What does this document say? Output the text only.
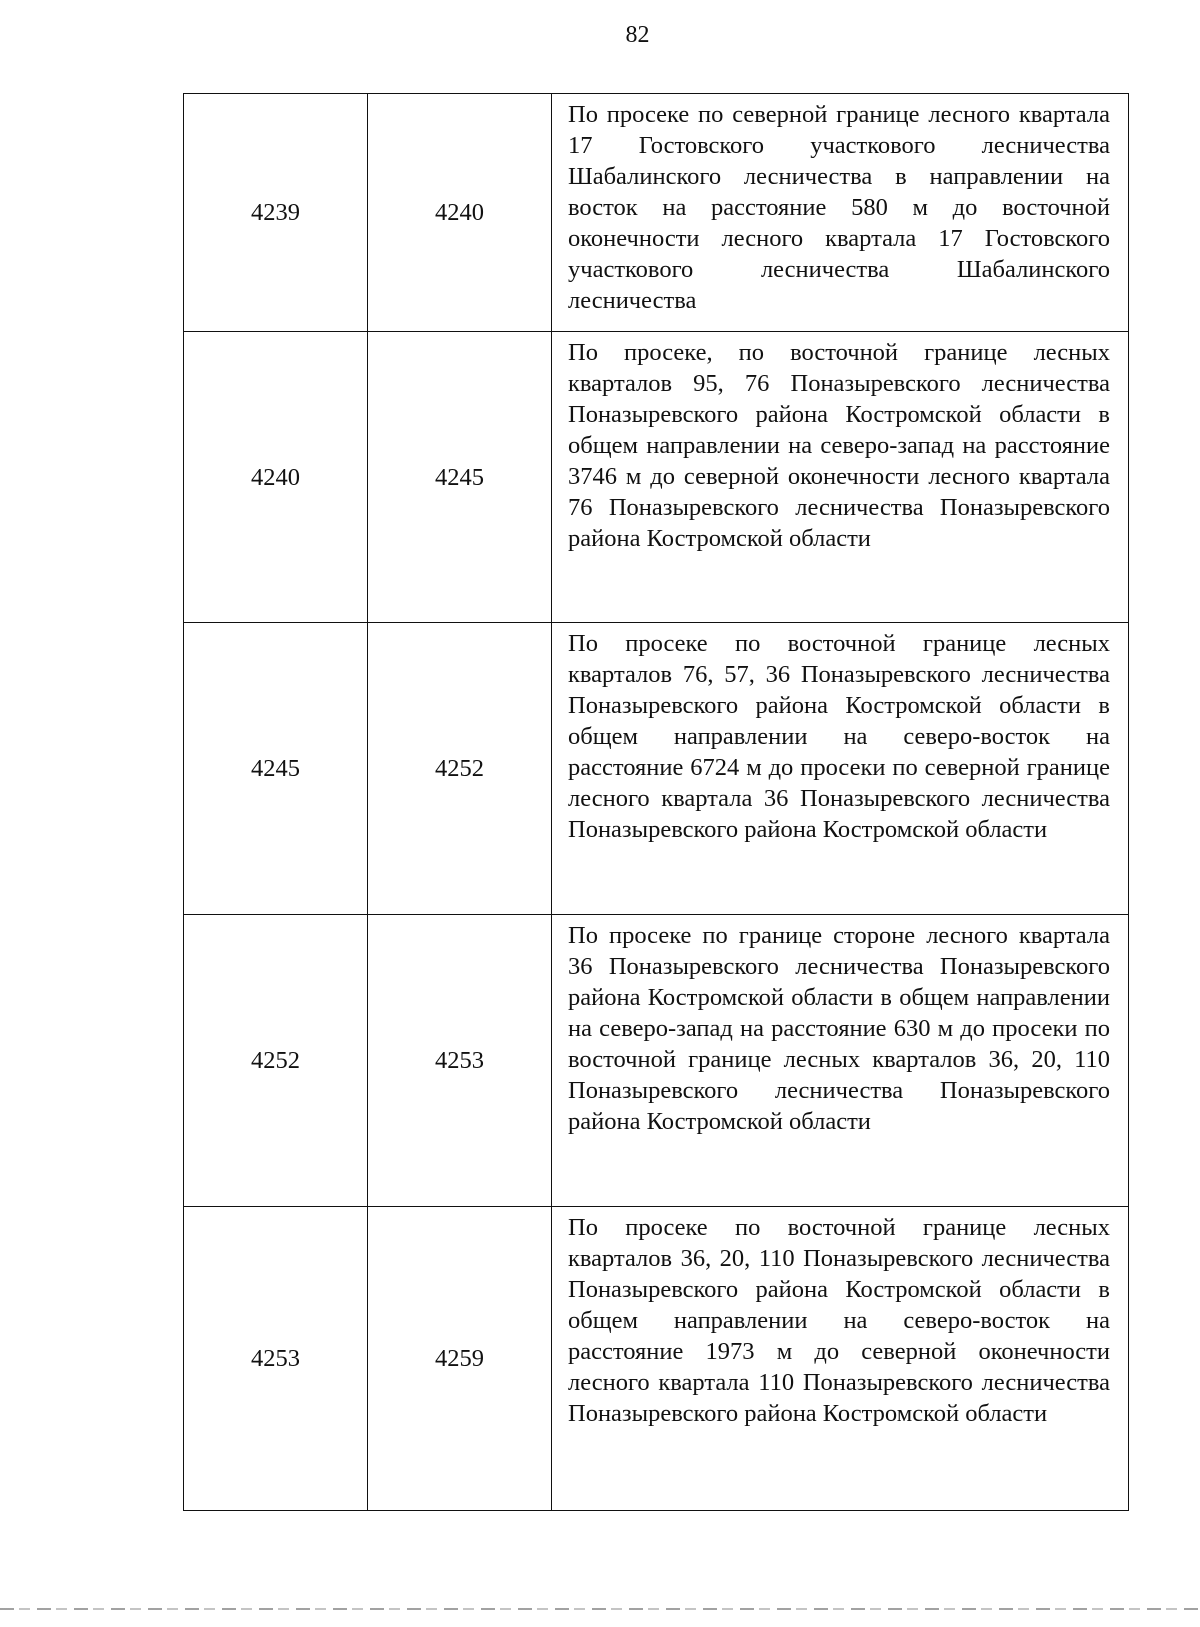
82
4239	4240	По просеке по северной границе лесного квартала 17 Гостовского участкового лесничества Шабалинского лесничества в направлении на восток на расстояние 580 м до восточной оконечности лесного квартала 17 Гостовского участкового лесничества Шабалинского лесничества
4240	4245	По просеке, по восточной границе лесных кварталов 95, 76 Поназыревского лесничества Поназыревского района Костромской области в общем направлении на северо-запад на расстояние 3746 м до северной оконечности лесного квартала 76 Поназыревского лесничества Поназыревского района Костромской области
4245	4252	По просеке по восточной границе лесных кварталов 76, 57, 36 Поназыревского лесничества Поназыревского района Костромской области в общем направлении на северо-восток на расстояние 6724 м до просеки по северной границе лесного квартала 36 Поназыревского лесничества Поназыревского района Костромской области
4252	4253	По просеке по границе стороне лесного квартала 36 Поназыревского лесничества Поназыревского района Костромской области в общем направлении на северо-запад на расстояние 630 м до просеки по восточной границе лесных кварталов 36, 20, 110 Поназыревского лесничества Поназыревского района Костромской области
4253	4259	По просеке по восточной границе лесных кварталов 36, 20, 110 Поназыревского лесничества Поназыревского района Костромской области в общем направлении на северо-восток на расстояние 1973 м до северной оконечности лесного квартала 110 Поназыревского лесничества Поназыревского района Костромской области
